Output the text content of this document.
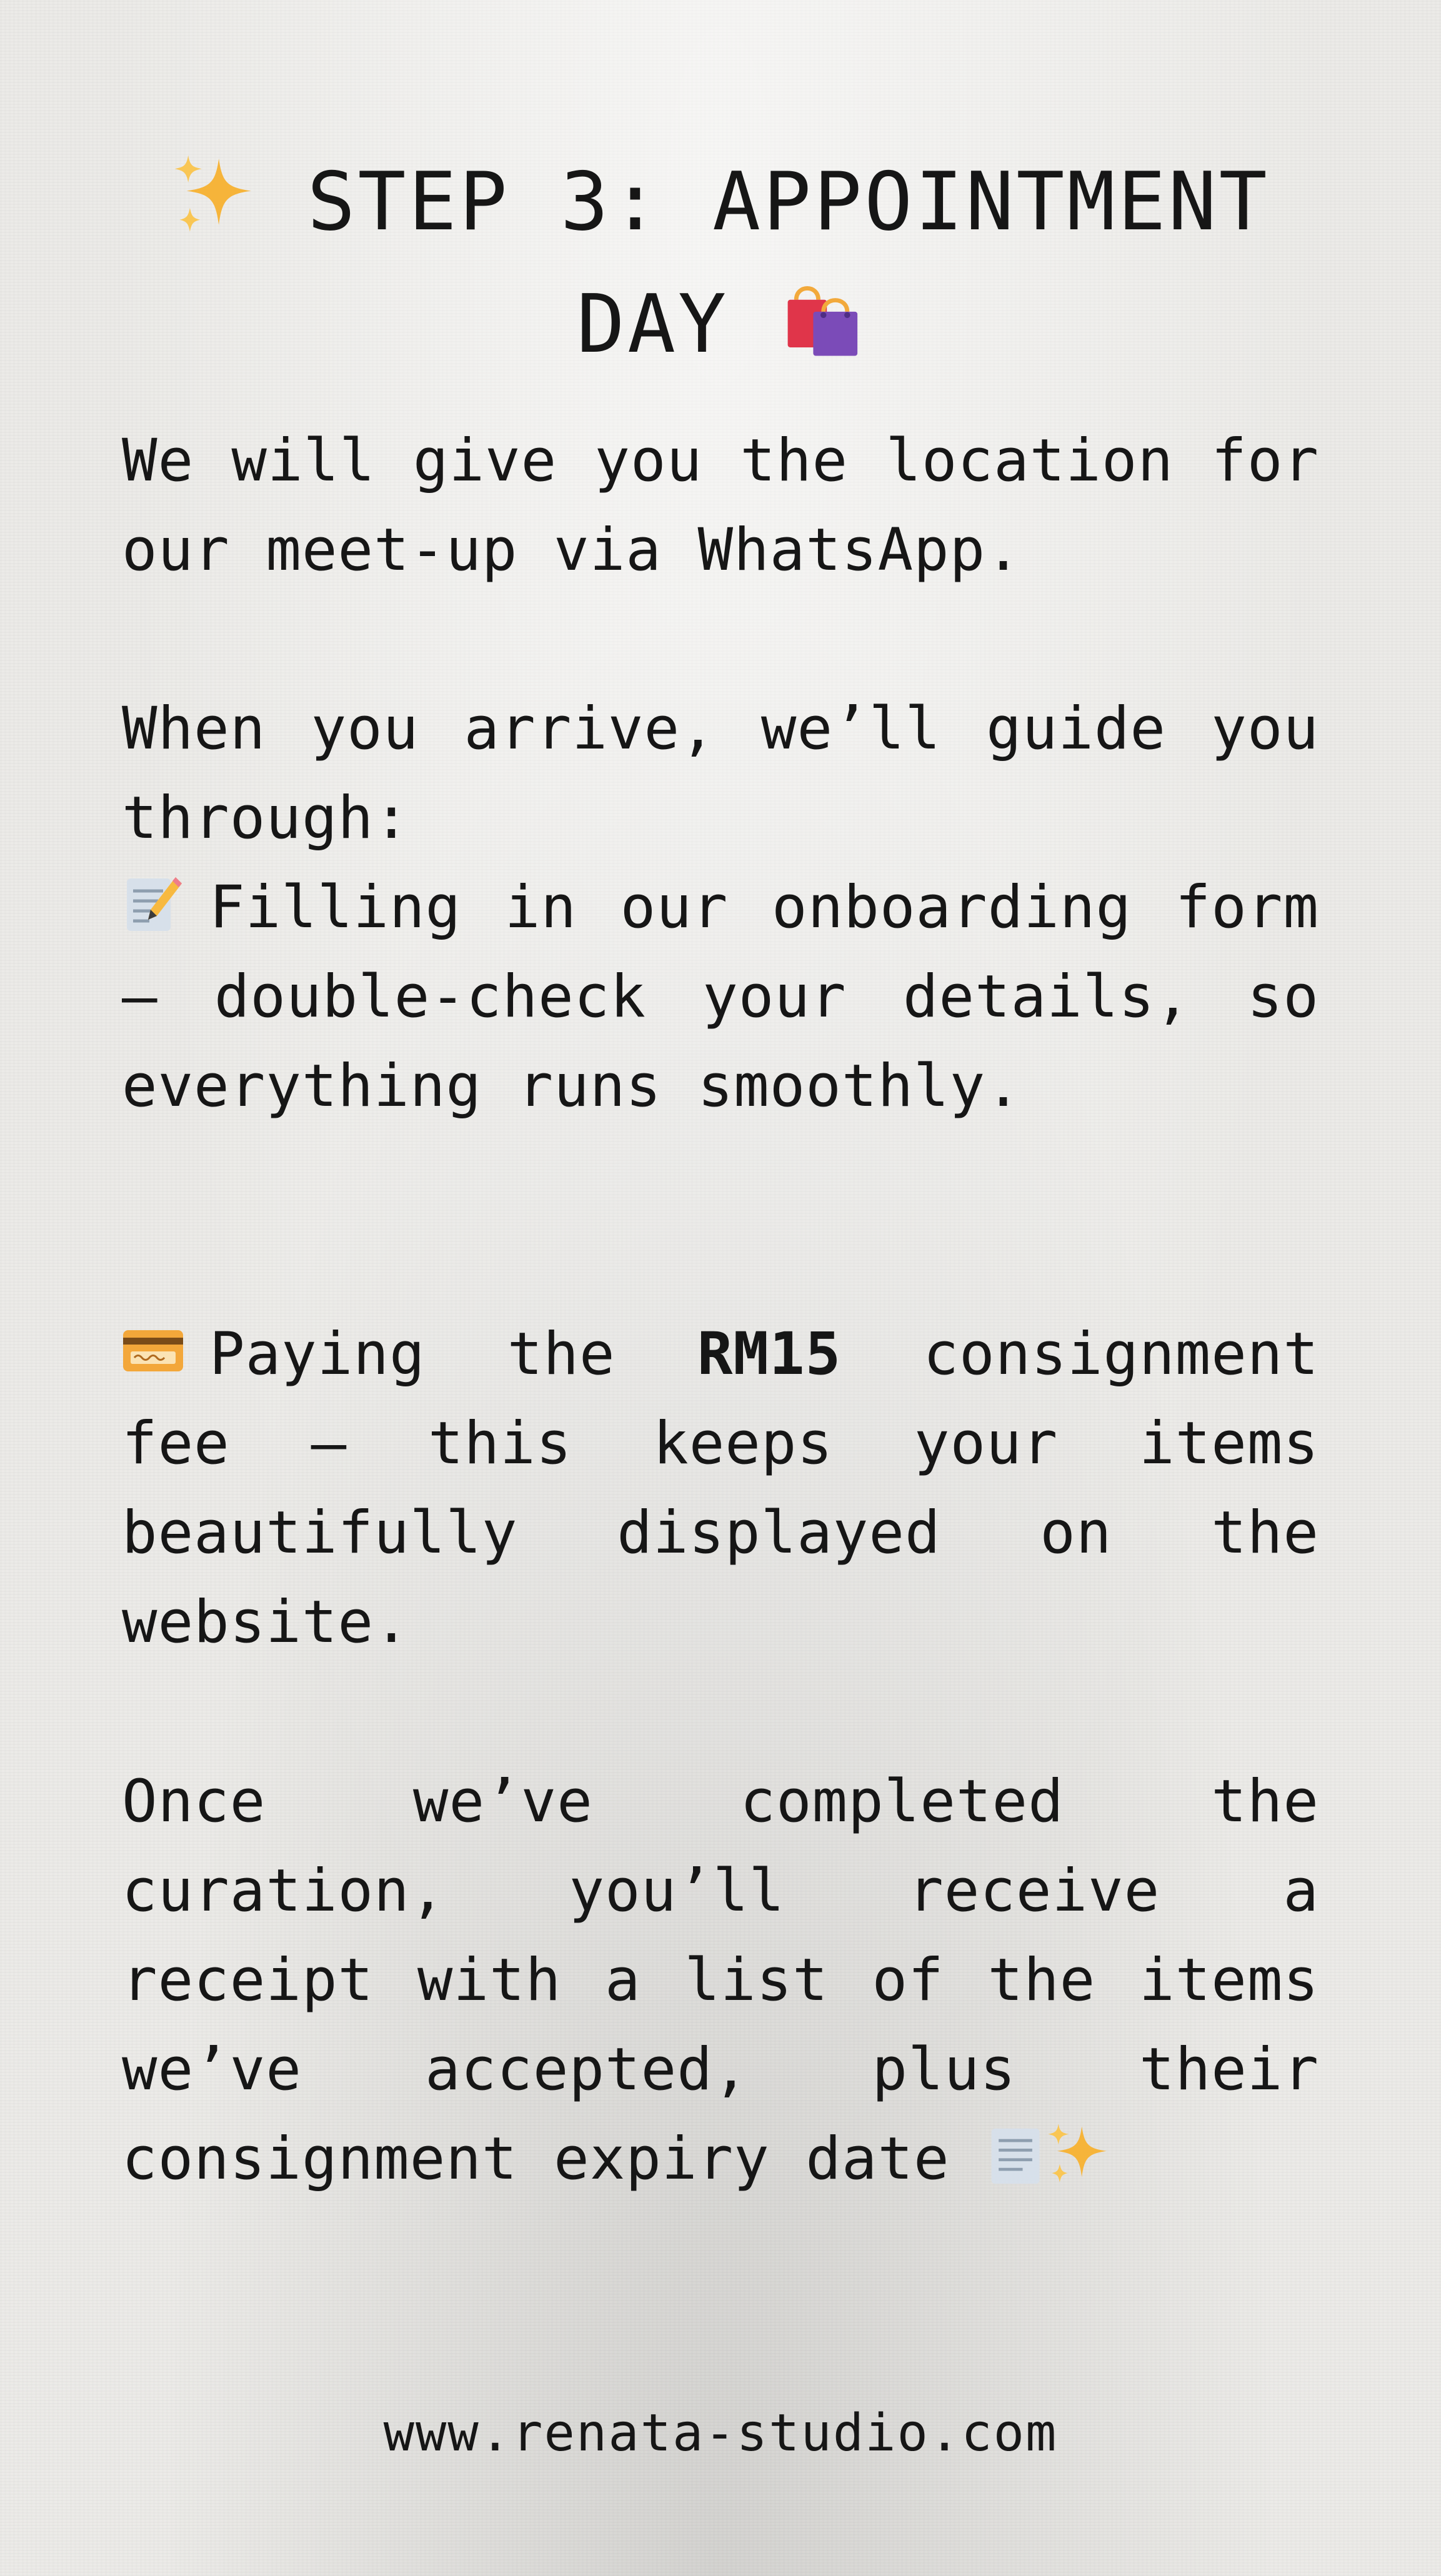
STEP 3: APPOINTMENT DAY

We will give you the location for our meet-up via WhatsApp.

When you arrive, we’ll guide you through:
Filling in our onboarding form – double-check your details, so everything runs smoothly.
Paying the RM15 consignment fee – this keeps your items beautifully displayed on the website.
Once we’ve completed the curation, you’ll receive a receipt with a list of the items we’ve accepted, plus their consignment expiry date
www.renata-studio.com
